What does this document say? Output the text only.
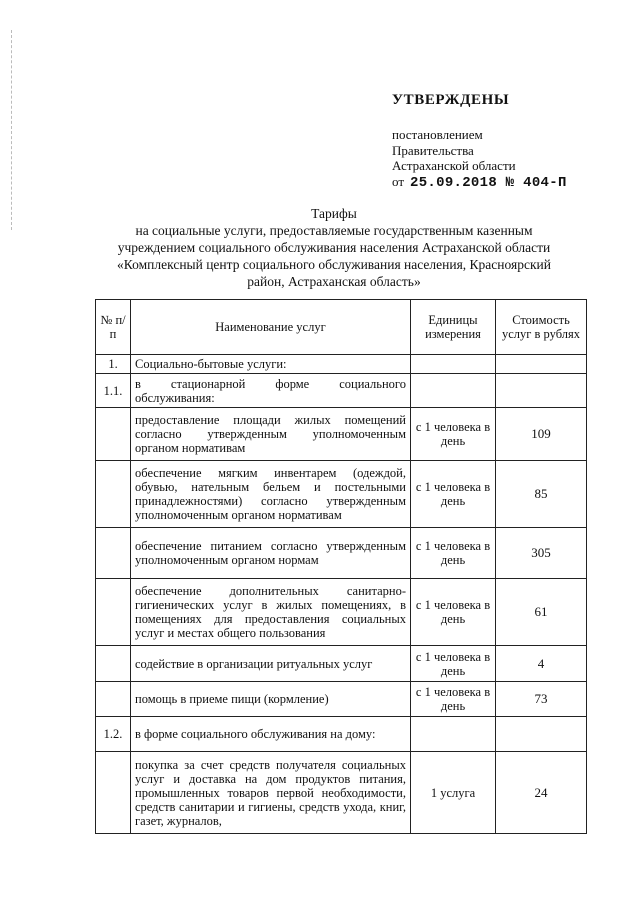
УТВЕРЖДЕНЫ
постановлением
Правительства
Астраханской области
от 25.09.2018 № 404-П
Тарифы
на социальные услуги, предоставляемые государственным казенным
учреждением социального обслуживания населения Астраханской области
«Комплексный центр социального обслуживания населения, Красноярский
район, Астраханская область»
№ п/п	Наименование услуг	Единицы измерения	Стоимость услуг в рублях
1.	Социально-бытовые услуги:		
1.1.	в стационарной форме социального обслуживания:		
	предоставление площади жилых помещений согласно утвержденным уполномоченным органом нормативам	с 1 человека в день	109
	обеспечение мягким инвентарем (одеждой, обувью, нательным бельем и постельными принадлежностями) согласно утвержденным уполномоченным органом нормативам	с 1 человека в день	85
	обеспечение питанием согласно утвержденным уполномоченным органом нормам	с 1 человека в день	305
	обеспечение дополнительных санитарно-гигиенических услуг в жилых помещениях, в помещениях для предоставления социальных услуг и местах общего пользования	с 1 человека в день	61
	содействие в организации ритуальных услуг	с 1 человека в день	4
	помощь в приеме пищи (кормление)	с 1 человека в день	73
1.2.	в форме социального обслуживания на дому:		
	покупка за счет средств получателя социальных услуг и доставка на дом продуктов питания, промышленных товаров первой необходимости, средств санитарии и гигиены, средств ухода, книг, газет, журналов,	1 услуга	24
